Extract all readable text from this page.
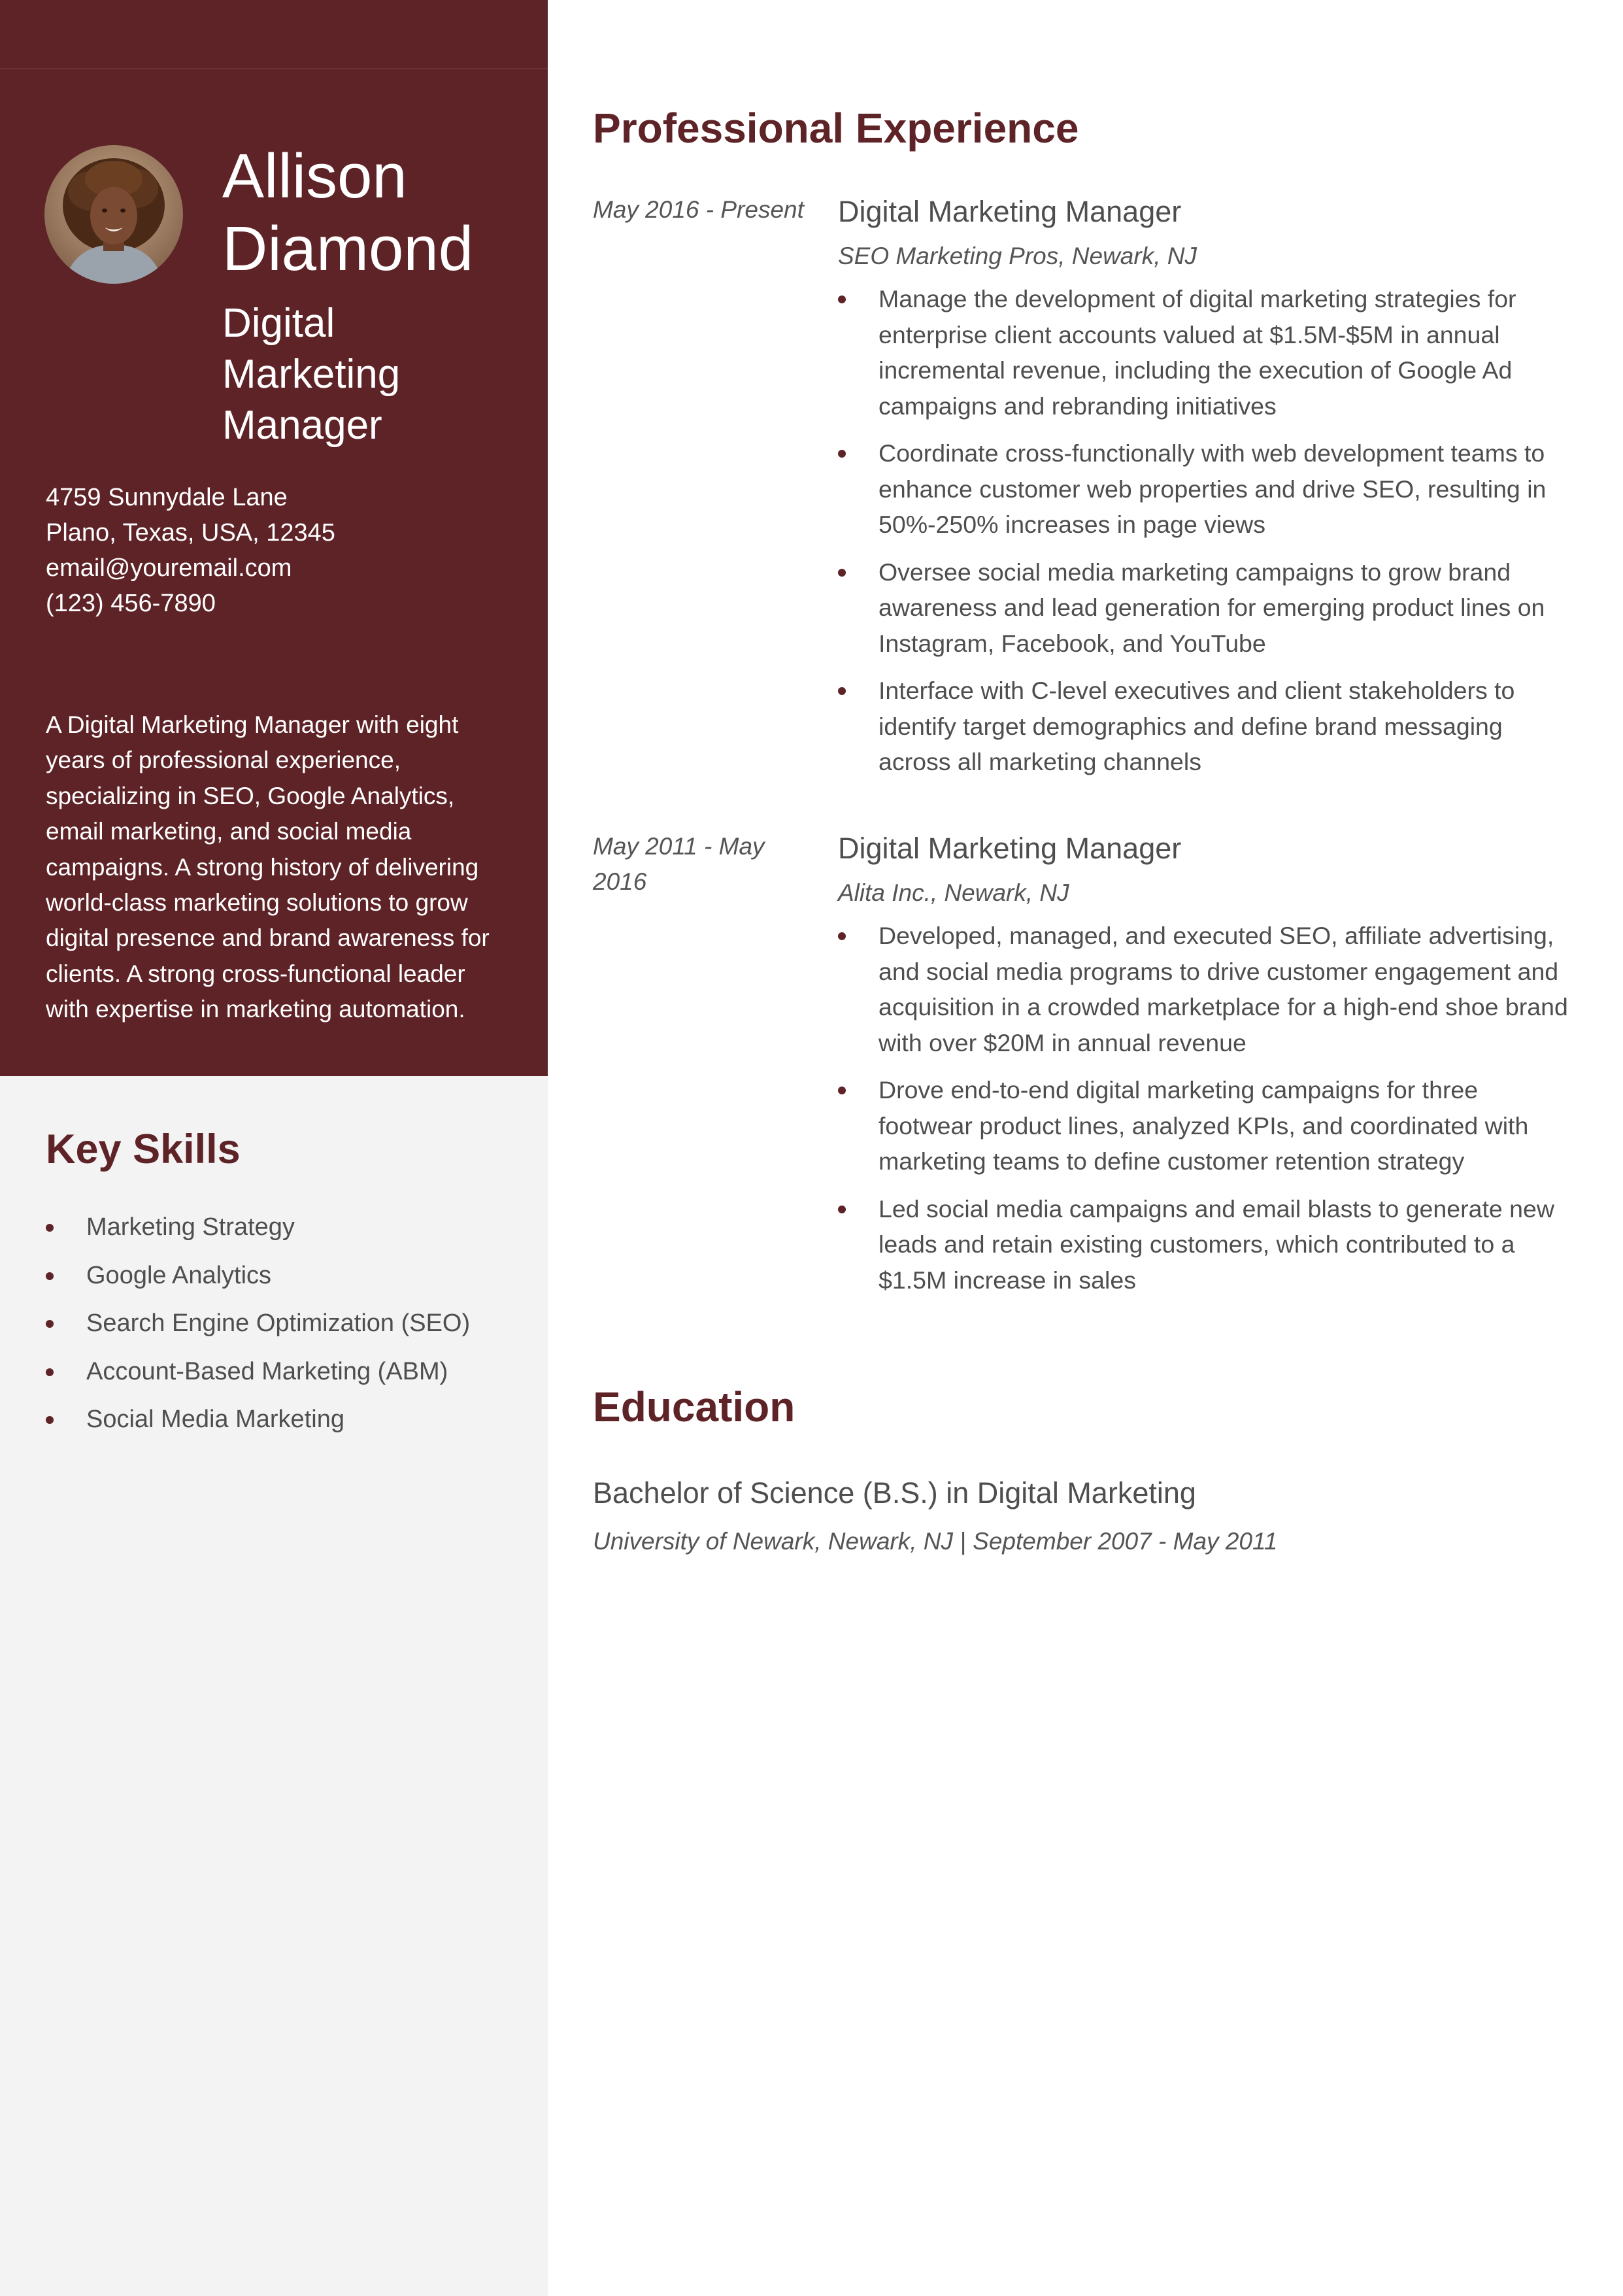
Allison
Diamond
Digital
Marketing
Manager
4759 Sunnydale Lane
Plano, Texas, USA, 12345
email@youremail.com
(123) 456-7890

A Digital Marketing Manager with eight years of professional experience, specializing in SEO, Google Analytics, email marketing, and social media campaigns. A strong history of delivering world-class marketing solutions to grow digital presence and brand awareness for clients. A strong cross-functional leader with expertise in marketing automation.

Key Skills
Marketing Strategy
Google Analytics
Search Engine Optimization (SEO)
Account-Based Marketing (ABM)
Social Media Marketing
Professional Experience
May 2016 - Present Digital Marketing Manager
SEO Marketing Pros, Newark, NJ
Manage the development of digital marketing strategies for enterprise client accounts valued at $1.5M-$5M in annual incremental revenue, including the execution of Google Ad campaigns and rebranding initiatives
Coordinate cross-functionally with web development teams to enhance customer web properties and drive SEO, resulting in 50%-250% increases in page views
Oversee social media marketing campaigns to grow brand awareness and lead generation for emerging product lines on Instagram, Facebook, and YouTube
Interface with C-level executives and client stakeholders to identify target demographics and define brand messaging across all marketing channels
May 2011 - May 2016
Digital Marketing Manager
Alita Inc., Newark, NJ
Developed, managed, and executed SEO, affiliate advertising, and social media programs to drive customer engagement and acquisition in a crowded marketplace for a high-end shoe brand with over $20M in annual revenue
Drove end-to-end digital marketing campaigns for three footwear product lines, analyzed KPIs, and coordinated with marketing teams to define customer retention strategy
Led social media campaigns and email blasts to generate new leads and retain existing customers, which contributed to a $1.5M increase in sales
Education
Bachelor of Science (B.S.) in Digital Marketing
University of Newark, Newark, NJ | September 2007 - May 2011
